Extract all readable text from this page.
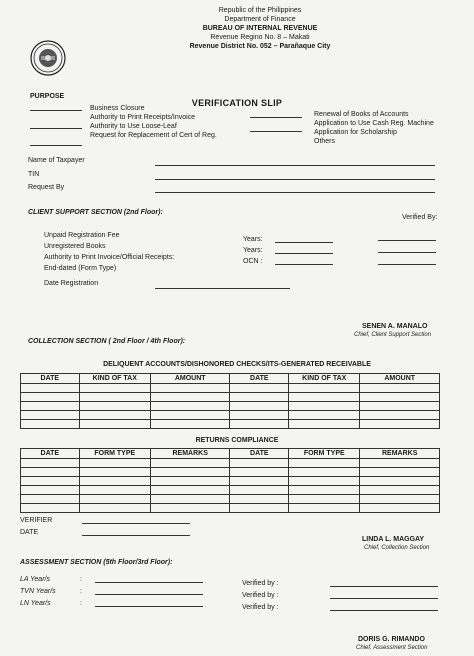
Republic of the Philippines
Department of Finance
BUREAU OF INTERNAL REVENUE
Revenue Regino No. 8 – Makati
Revenue District No. 052 – Parañaque City
VERIFICATION SLIP
PURPOSE
Business Closure
Authority to Print Receipts/Invoice
Authority to Use Loose-Leaf
Request for Replacement of Cert of Reg.
Renewal of Books of Accounts
Application to Use Cash Reg. Machine
Application for Scholarship
Others
Name of Taxpayer
TIN
Request By
CLIENT SUPPORT SECTION (2nd Floor):
Verified By:
Unpaid Registration Fee
Unregistered Books
Authority to Print Invoice/Official Receipts:
End-dated (Form Type)
Years:
Years:
OCN :
Date Registration
SENEN A. MANALO
Chief, Client Support Section
COLLECTION SECTION ( 2nd Floor / 4th Floor):
DELIQUENT ACCOUNTS/DISHONORED CHECKS/ITS-GENERATED RECEIVABLE
DATE	KIND OF TAX	AMOUNT	DATE	KIND OF TAX	AMOUNT

RETURNS COMPLIANCE
DATE	FORM TYPE	REMARKS	DATE	FORM TYPE	REMARKS

VERIFIER
DATE
LINDA L. MAGGAY
Chief, Collection Section
ASSESSMENT SECTION (5th Floor/3rd Floor):
LA Year/s
TVN Year/s
LN Year/s
:
:
:
Verified by :
Verified by :
Verified by :
DORIS G. RIMANDO
Chief, Assessment Section
